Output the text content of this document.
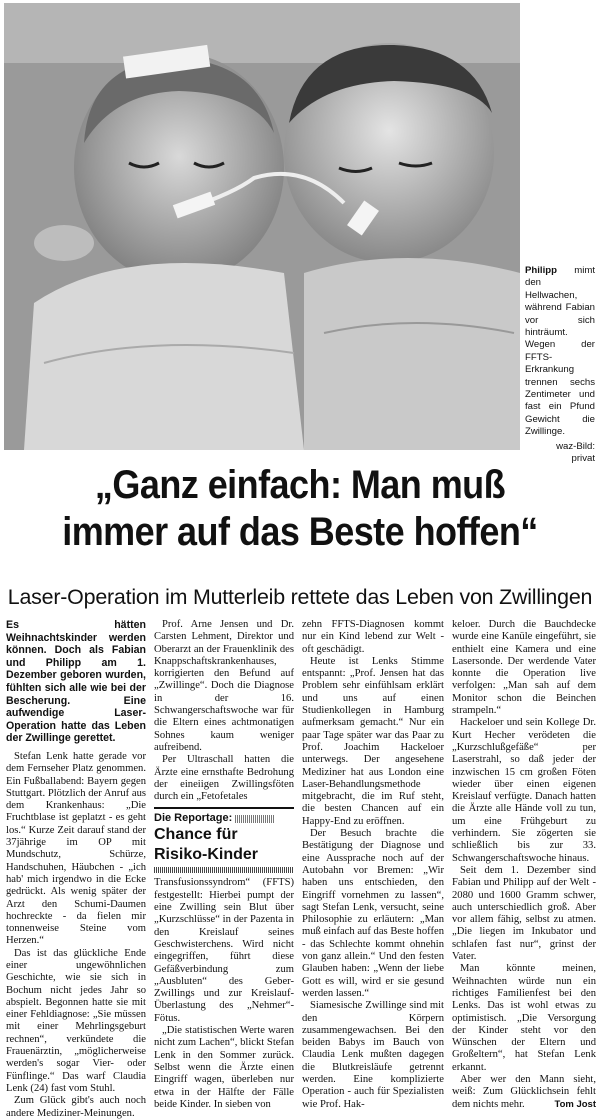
Philipp mimt den Hellwachen, während Fabian vor sich hinträumt. Wegen der FFTS-Erkrankung trennen sechs Zentimeter und fast ein Pfund Gewicht die Zwillinge.
waz-Bild:
privat
„Ganz einfach: Man muß
immer auf das Beste hoffen“
Laser-Operation im Mutterleib rettete das Leben von Zwillingen

Es hätten Weihnachtskinder werden können. Doch als Fabian und Philipp am 1. Dezember geboren wurden, fühlten sich alle wie bei der Bescherung. Eine aufwendige Laser-Operation hatte das Leben der Zwillinge gerettet.

Stefan Lenk hatte gerade vor dem Fernseher Platz genommen. Ein Fußballabend: Bayern gegen Stuttgart. Plötzlich der Anruf aus dem Krankenhaus: „Die Fruchtblase ist geplatzt - es geht los.“ Kurze Zeit darauf stand der 37jährige im OP mit Mundschutz, Schürze, Handschuhen, Häubchen - „ich hab' mich irgendwo in die Ecke gedrückt. Als wenig später der Arzt den Schumi-Daumen hochreckte - da fielen mir tonnenweise Steine vom Herzen.“

Das ist das glückliche Ende einer ungewöhnlichen Geschichte, wie sie sich in Bochum nicht jedes Jahr so abspielt. Begonnen hatte sie mit einer Fehldiagnose: „Sie müssen mit einer Mehrlingsgeburt rechnen“, verkündete die Frauenärztin, „möglicherweise werden's sogar Vier- oder Fünflinge.“ Das warf Claudia Lenk (24) fast vom Stuhl.

Zum Glück gibt's auch noch andere Mediziner-Meinungen.

Prof. Arne Jensen und Dr. Carsten Lehment, Direktor und Oberarzt an der Frauenklinik des Knappschaftskrankenhauses, korrigierten den Befund auf „Zwillinge“. Doch die Diagnose in der 16. Schwangerschaftswoche war für die Eltern eines achtmonatigen Sohnes kaum weniger aufreibend.

Per Ultraschall hatten die Ärzte eine ernsthafte Bedrohung der eineiigen Zwillingsföten durch ein „Fetofetales

Die Reportage:
Chance für
Risiko-Kinder

Transfusionssyndrom“ (FFTS) festgestellt: Hierbei pumpt der eine Zwilling sein Blut über „Kurzschlüsse“ in der Pazenta in den Kreislauf seines Geschwisterchens. Wird nicht eingegriffen, führt diese Gefäßverbindung zum „Ausbluten“ des Geber-Zwillings und zur Kreislauf-Überlastung des „Nehmer“-Fötus.

„Die statistischen Werte waren nicht zum Lachen“, blickt Stefan Lenk in den Sommer zurück. Selbst wenn die Ärzte einen Eingriff wagen, überleben nur etwa in der Hälfte der Fälle beide Kinder. In sieben von

zehn FFTS-Diagnosen kommt nur ein Kind lebend zur Welt - oft geschädigt.

Heute ist Lenks Stimme entspannt: „Prof. Jensen hat das Problem sehr einfühlsam erklärt und uns auf einen Studienkollegen in Hamburg aufmerksam gemacht.“ Nur ein paar Tage später war das Paar zu Prof. Joachim Hackeloer unterwegs. Der angesehene Mediziner hat aus London eine Laser-Behandlungsmethode mitgebracht, die im Ruf steht, die besten Chancen auf ein Happy-End zu eröffnen.

Der Besuch brachte die Bestätigung der Diagnose und eine Aussprache noch auf der Autobahn vor Bremen: „Wir haben uns entschieden, den Eingriff vornehmen zu lassen“, sagt Stefan Lenk, versucht, seine Philosophie zu erläutern: „Man muß einfach auf das Beste hoffen - das Schlechte kommt ohnehin von ganz allein.“ Und den festen Glauben haben: „Wenn der liebe Gott es will, wird er sie gesund werden lassen.“

Siamesische Zwillinge sind mit den Körpern zusammengewachsen. Bei den beiden Babys im Bauch von Claudia Lenk mußten dagegen die Blutkreisläufe getrennt werden. Eine komplizierte Operation - auch für Spezialisten wie Prof. Hak-

keloer. Durch die Bauchdecke wurde eine Kanüle eingeführt, sie enthielt eine Kamera und eine Lasersonde. Der werdende Vater konnte die Operation live verfolgen: „Man sah auf dem Monitor schon die Beinchen strampeln.“

Hackeloer und sein Kollege Dr. Kurt Hecher verödeten die „Kurzschlußgefäße“ per Laserstrahl, so daß jeder der inzwischen 15 cm großen Föten wieder über einen eigenen Kreislauf verfügte. Danach hatten die Ärzte alle Hände voll zu tun, um eine Frühgeburt zu verhindern. Sie zögerten sie schließlich bis zur 33. Schwangerschaftswoche hinaus.

Seit dem 1. Dezember sind Fabian und Philipp auf der Welt - 2080 und 1600 Gramm schwer, auch unterschiedlich groß. Aber vor allem fähig, selbst zu atmen. „Die liegen im Inkubator und schlafen fast nur“, grinst der Vater.

Man könnte meinen, Weihnachten würde nun ein richtiges Familienfest bei den Lenks. Das ist wohl etwas zu optimistisch. „Die Versorgung der Kinder steht vor den Wünschen der Eltern und Großeltern“, hat Stefan Lenk erkannt.

Aber wer den Mann sieht, weiß: Zum Glücklichsein fehlt dem nichts mehr.	Tom Jost
